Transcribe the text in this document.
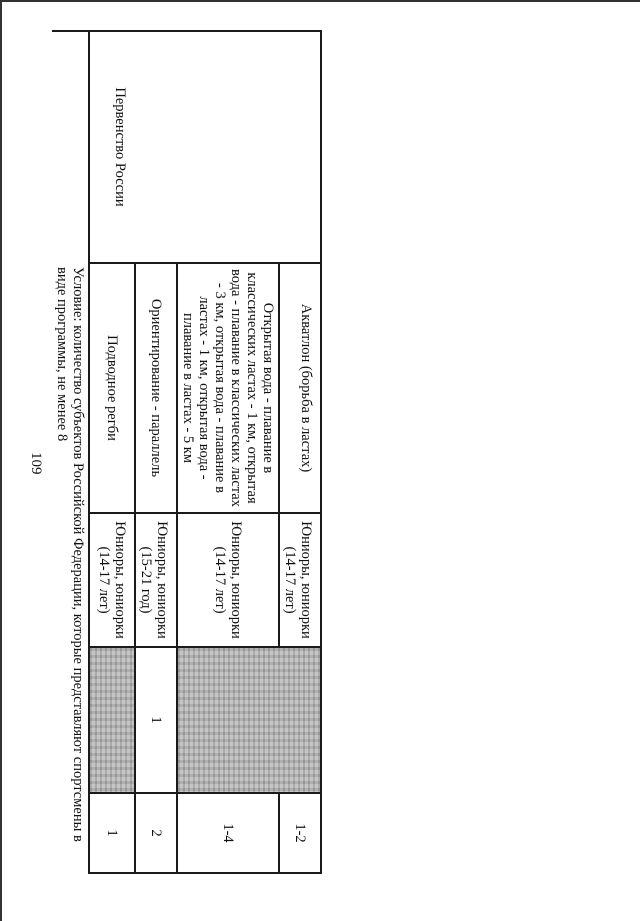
109
Первенство России	Акватлон (борьба в ластах)	Юниоры, юниорки (14-17 лет)		1-2
	Открытая вода - плавание в классических ластах - 1 км, открытая вода - плавание в классических ластах - 3 км, открытая вода - плавание в ластах - 1 км, открытая вода - плавание в ластах - 5 км	Юниоры, юниорки (14-17 лет)		1-4
	Ориентирование - параллель	Юниоры, юниорки (15-21 год)	1	2
	Подводное регби	Юниоры, юниорки (14-17 лет)		1
	Условие: количество субъектов Российской Федерации, которые представляют спортсмены в виде программы, не менее 8			
